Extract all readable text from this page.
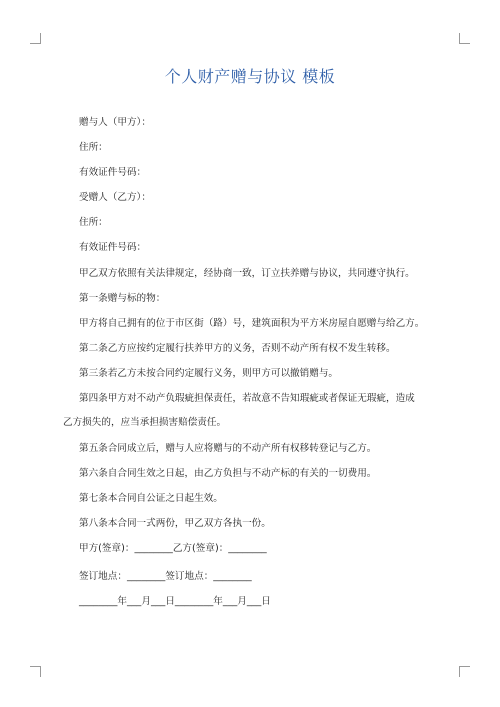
个人财产赠与协议 模板
赠与人（甲方）：
住所：
有效证件号码：
受赠人（乙方）：
住所：
有效证件号码：
甲乙双方依照有关法律规定，经协商一致，订立扶养赠与协议，共同遵守执行。
第一条赠与标的物：
甲方将自己拥有的位于市区街（路）号，建筑面积为平方米房屋自愿赠与给乙方。
第二条乙方应按约定履行扶养甲方的义务，否则不动产所有权不发生转移。
第三条若乙方未按合同约定履行义务，则甲方可以撤销赠与。
第四条甲方对不动产负瑕疵担保责任，若故意不告知瑕疵或者保证无瑕疵，造成
乙方损失的，应当承担损害赔偿责任。
第五条合同成立后，赠与人应将赠与的不动产所有权移转登记与乙方。
第六条自合同生效之日起，由乙方负担与不动产标的有关的一切费用。
第七条本合同自公证之日起生效。
第八条本合同一式两份，甲乙双方各执一份。
甲方(签章)：________乙方(签章)：________
签订地点：________签订地点：________
________年___月___日________年___月___日
